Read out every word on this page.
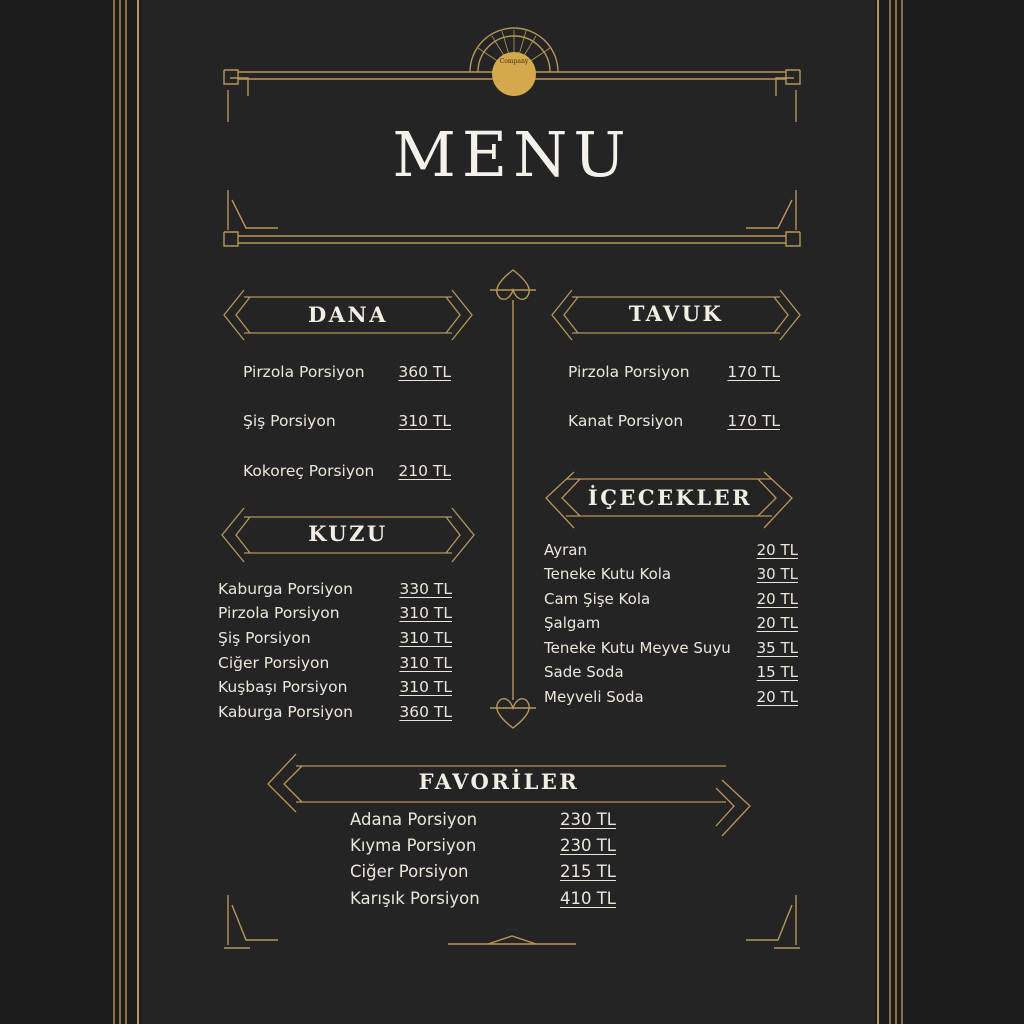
Company
MENU
DANA	TAVUK
KUZU
İÇECEKLER
FAVORİLER
Pirzola Porsiyon 360 TL
Şiş Porsiyon	310 TL
Kokoreç Porsiyon 210 TL
Pirzola Porsiyon 170 TL
Kanat Porsiyon	170 TL
Kaburga Porsiyon	330 TL
Pirzola Porsiyon	310 TL
Şiş Porsiyon	310 TL
Ciğer Porsiyon	310 TL
Kuşbaşı Porsiyon	310 TL
Kaburga Porsiyon	360 TL
Ayran	20 TL
Teneke Kutu Kola	30 TL
Cam Şişe Kola	20 TL
Şalgam	20 TL
Teneke Kutu Meyve Suyu 35 TL
Sade Soda	15 TL
Meyveli Soda	20 TL
Adana Porsiyon	230 TL
Kıyma Porsiyon	230 TL
Ciğer Porsiyon	215 TL
Karışık Porsiyon	410 TL
